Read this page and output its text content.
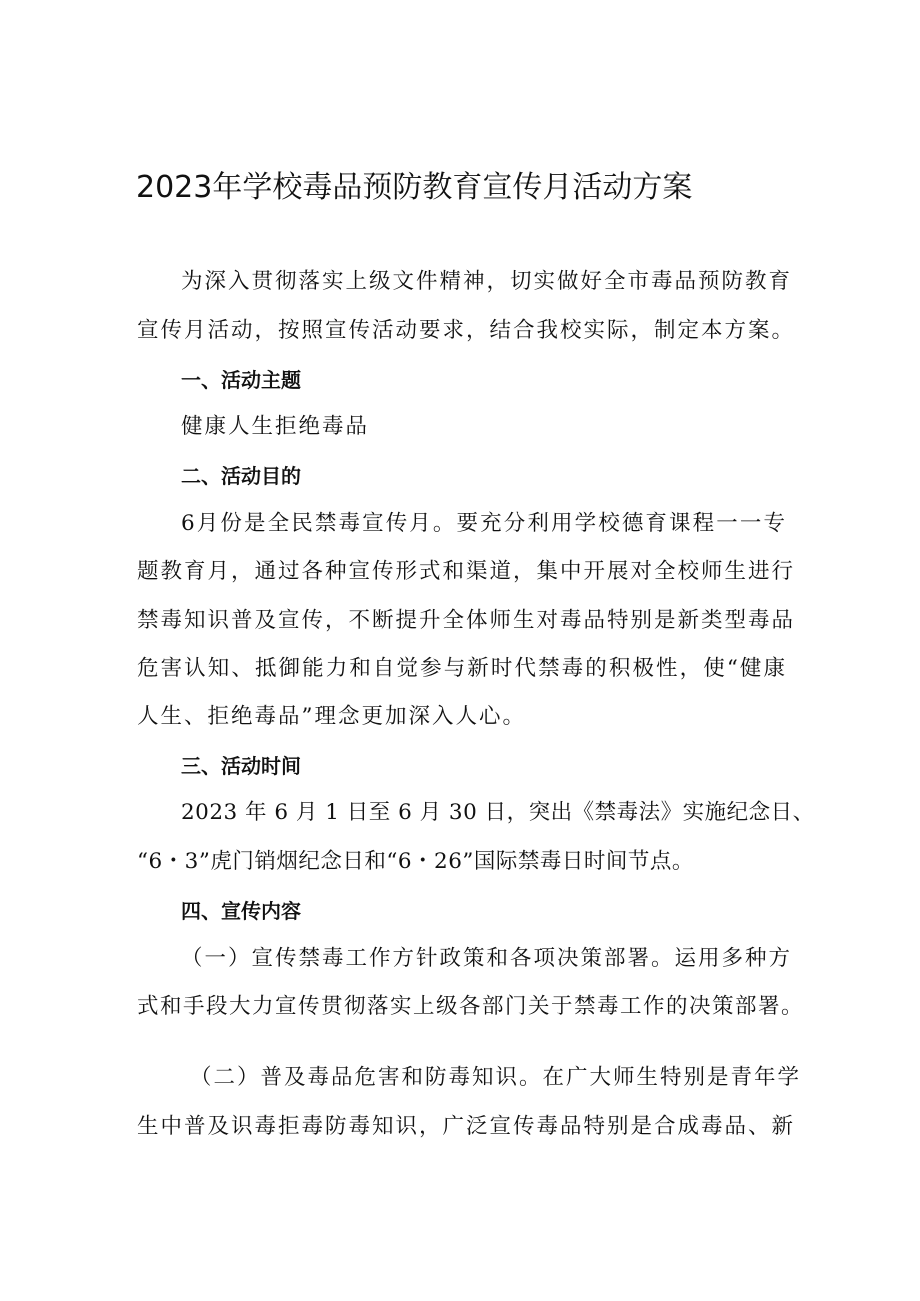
2023年学校毒品预防教育宣传月活动方案
为深入贯彻落实上级文件精神，切实做好全市毒品预防教育
宣传月活动，按照宣传活动要求，结合我校实际，制定本方案。
一、活动主题
健康人生拒绝毒品
二、活动目的
6月份是全民禁毒宣传月。要充分利用学校德育课程一一专
题教育月，通过各种宣传形式和渠道，集中开展对全校师生进行
禁毒知识普及宣传，不断提升全体师生对毒品特别是新类型毒品
危害认知、抵御能力和自觉参与新时代禁毒的积极性，使“健康
人生、拒绝毒品”理念更加深入人心。
三、活动时间
2023 年 6 月 1 日至 6 月 30 日，突出《禁毒法》实施纪念日、
“6・3”虎门销烟纪念日和“6・26”国际禁毒日时间节点。
四、宣传内容
（一）宣传禁毒工作方针政策和各项决策部署。运用多种方
式和手段大力宣传贯彻落实上级各部门关于禁毒工作的决策部署。
（二）普及毒品危害和防毒知识。在广大师生特别是青年学
生中普及识毒拒毒防毒知识，广泛宣传毒品特别是合成毒品、新
